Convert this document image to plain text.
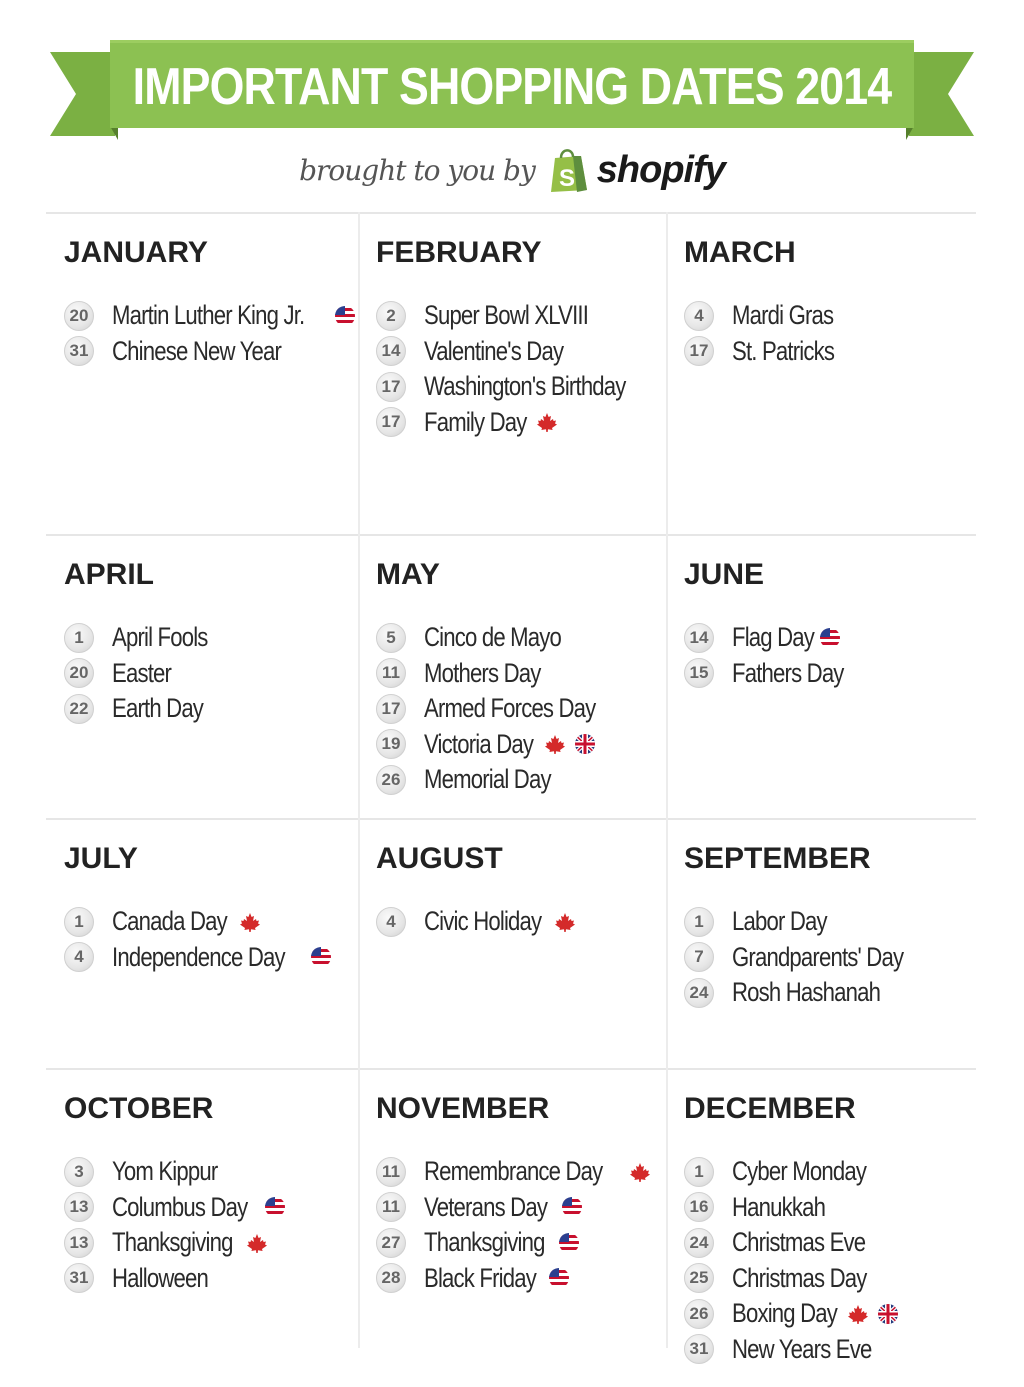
IMPORTANT SHOPPING DATES 2014
brought to you by S shopify
JANUARY
20 Martin Luther King Jr.
31 Chinese New Year
FEBRUARY
2	Super Bowl XLVIII
14 Valentine's Day
17 Washington's Birthday
17 Family Day
MARCH
4	Mardi Gras
17 St. Patricks
APRIL
1	April Fools
20 Easter
22 Earth Day
MAY
5	Cinco de Mayo
11 Mothers Day
17 Armed Forces Day
19 Victoria Day
26 Memorial Day
JUNE
14 Flag Day
15 Fathers Day
JULY
1	Canada Day
4	Independence Day
AUGUST
4	Civic Holiday
SEPTEMBER
1	Labor Day
7	Grandparents' Day
24 Rosh Hashanah
OCTOBER
3	Yom Kippur
13 Columbus Day
13 Thanksgiving
31 Halloween
NOVEMBER
11 Remembrance Day
11 Veterans Day
27 Thanksgiving
28 Black Friday
DECEMBER
1	Cyber Monday
16 Hanukkah
24 Christmas Eve
25 Christmas Day
26 Boxing Day
31 New Years Eve
